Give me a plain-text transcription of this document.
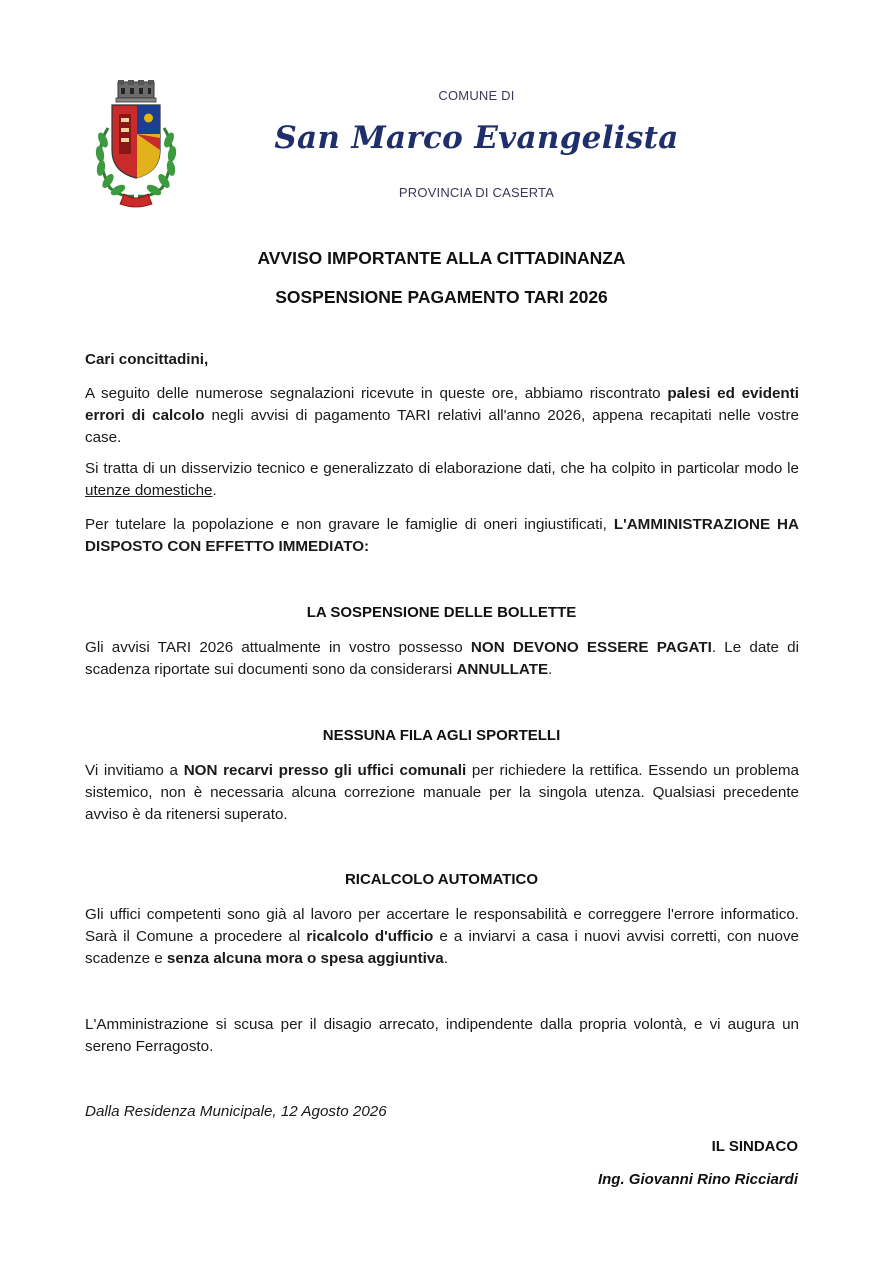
COMUNE DI
San Marco Evangelista
PROVINCIA DI CASERTA
AVVISO IMPORTANTE ALLA CITTADINANZA
SOSPENSIONE PAGAMENTO TARI 2026
Cari concittadini,
A seguito delle numerose segnalazioni ricevute in queste ore, abbiamo riscontrato palesi ed evidenti errori di calcolo negli avvisi di pagamento TARI relativi all'anno 2026, appena recapitati nelle vostre case.
Si tratta di un disservizio tecnico e generalizzato di elaborazione dati, che ha colpito in particolar modo le utenze domestiche.
Per tutelare la popolazione e non gravare le famiglie di oneri ingiustificati, L'AMMINISTRAZIONE HA DISPOSTO CON EFFETTO IMMEDIATO:
LA SOSPENSIONE DELLE BOLLETTE
Gli avvisi TARI 2026 attualmente in vostro possesso NON DEVONO ESSERE PAGATI. Le date di scadenza riportate sui documenti sono da considerarsi ANNULLATE.
NESSUNA FILA AGLI SPORTELLI
Vi invitiamo a NON recarvi presso gli uffici comunali per richiedere la rettifica. Essendo un problema sistemico, non è necessaria alcuna correzione manuale per la singola utenza. Qualsiasi precedente avviso è da ritenersi superato.
RICALCOLO AUTOMATICO
Gli uffici competenti sono già al lavoro per accertare le responsabilità e correggere l'errore informatico. Sarà il Comune a procedere al ricalcolo d'ufficio e a inviarvi a casa i nuovi avvisi corretti, con nuove scadenze e senza alcuna mora o spesa aggiuntiva.
L'Amministrazione si scusa per il disagio arrecato, indipendente dalla propria volontà, e vi augura un sereno Ferragosto.
Dalla Residenza Municipale, 12 Agosto 2026
IL SINDACO
Ing. Giovanni Rino Ricciardi
